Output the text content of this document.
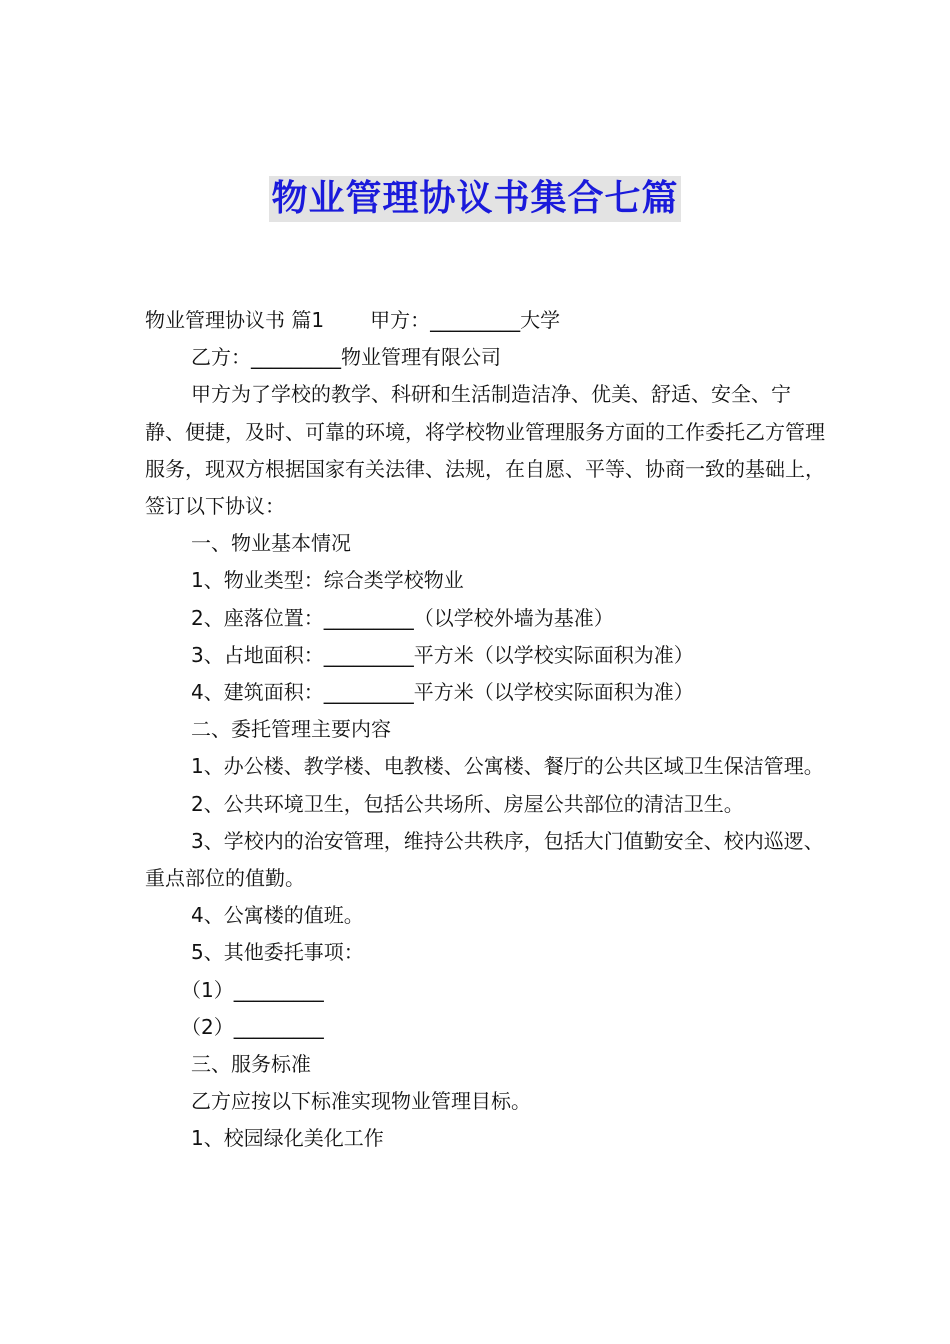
物业管理协议书集合七篇

物业管理协议书 篇1 甲方：_________大学

乙方：_________物业管理有限公司

甲方为了学校的教学、科研和生活制造洁净、优美、舒适、安全、宁静、便捷，及时、可靠的环境，将学校物业管理服务方面的工作委托乙方管理服务，现双方根据国家有关法律、法规，在自愿、平等、协商一致的基础上，签订以下协议：

一、物业基本情况

1、物业类型：综合类学校物业

2、座落位置：_________（以学校外墙为基准）

3、占地面积：_________平方米（以学校实际面积为准）

4、建筑面积：_________平方米（以学校实际面积为准）

二、委托管理主要内容

1、办公楼、教学楼、电教楼、公寓楼、餐厅的公共区域卫生保洁管理。

2、公共环境卫生，包括公共场所、房屋公共部位的清洁卫生。

3、学校内的治安管理，维持公共秩序，包括大门值勤安全、校内巡逻、重点部位的值勤。

4、公寓楼的值班。

5、其他委托事项：

（1）_________

（2）_________

三、服务标准

乙方应按以下标准实现物业管理目标。

1、校园绿化美化工作
